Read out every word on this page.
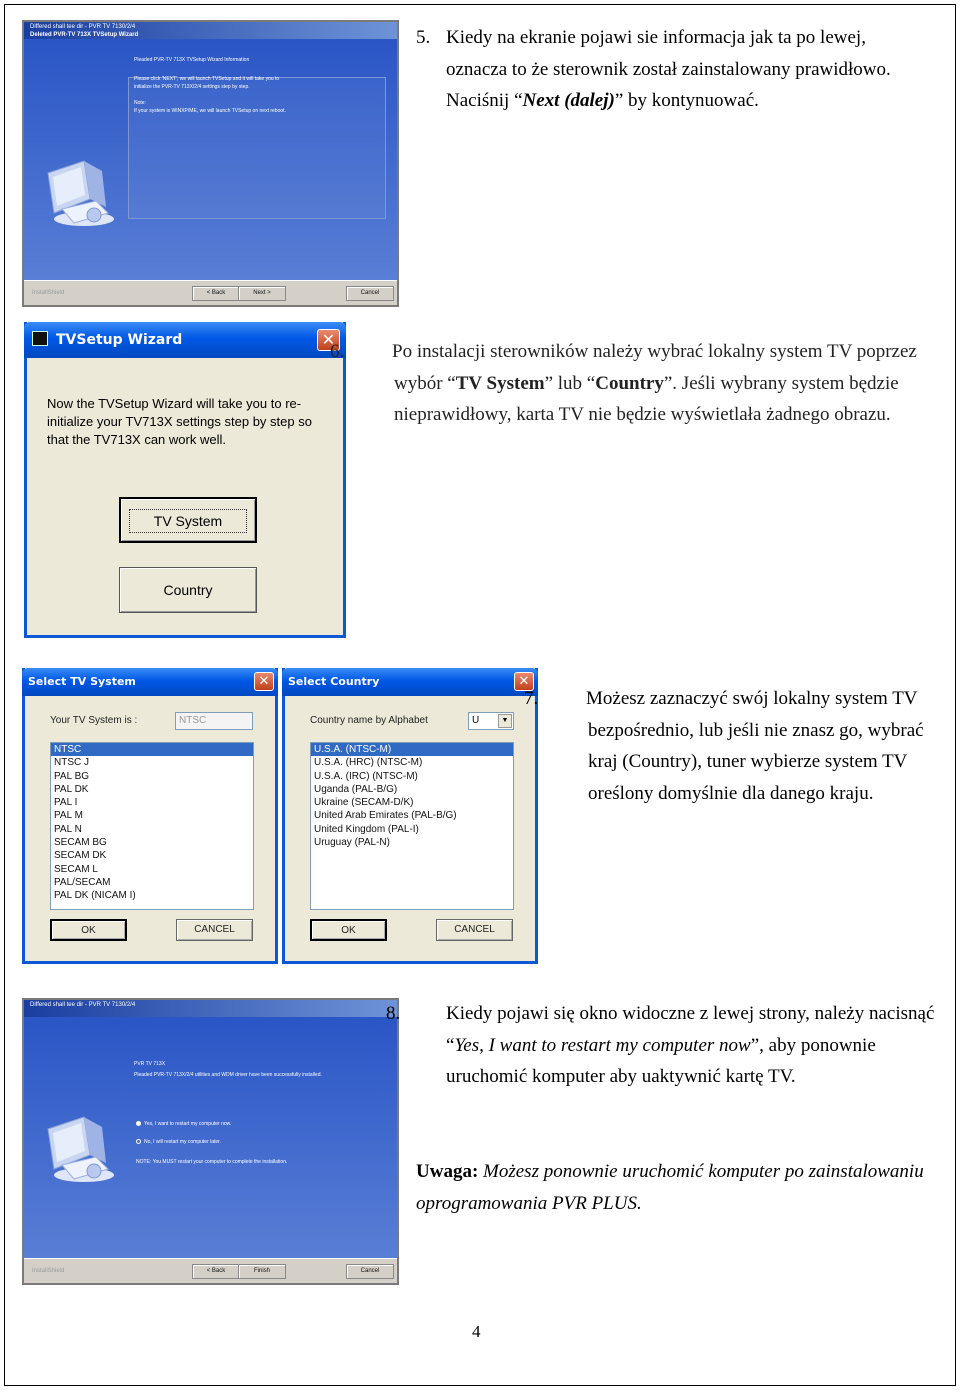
Differed shall tee dir - PVR TV 7130/2/4
Deleted PVR-TV 713X TVSetup Wizard

Pleaded PVR-TV 713X TVSetup Wizard Information

Please click 'NEXT', we will launch TVSetup and it will take you to

initialize the PVR-TV 713X/2/4 settings step by step.

Note:

If your system is WINXP/ME, we will launch TVSetup on next reboot.

InstallShield	< Back	Next >	Cancel
5. Kiedy na ekranie pojawi sie informacja jak ta po lewej,
oznacza to że sterownik został zainstalowany prawidłowo.
Naciśnij “Next (dalej)” by kontynuować.
TVSetup Wizard	✕
Now the TVSetup Wizard will take you to re-initialize your TV713X settings step by step so that the TV713X can work well.
TV System
Country
6.	Po instalacji sterowników należy wybrać lokalny system TV poprzez wybór “TV System” lub “Country”. Jeśli wybrany system będzie nieprawidłowy, karta TV nie będzie wyświetlała żadnego obrazu.
Select TV System	✕
Your TV System is :	NTSC
NTSC
NTSC J
PAL BG
PAL DK
PAL I
PAL M
PAL N
SECAM BG
SECAM DK
SECAM L
PAL/SECAM
PAL DK (NICAM I)
OK	CANCEL
Select Country	✕
Country name by Alphabet	U	▼
U.S.A. (NTSC-M)
U.S.A. (HRC) (NTSC-M)
U.S.A. (IRC) (NTSC-M)
Uganda (PAL-B/G)
Ukraine (SECAM-D/K)
United Arab Emirates (PAL-B/G)
United Kingdom (PAL-I)
Uruguay (PAL-N)
OK	CANCEL
7.	Możesz zaznaczyć swój lokalny system TV bezpośrednio, lub jeśli nie znasz go, wybrać kraj (Country), tuner wybierze system TV oreślony domyślnie dla danego kraju.
Differed shall tee dir - PVR TV 7130/2/4

PVR TV 713X

Pleaded PVR-TV 713X/2/4 utilities and WDM driver have been successfully installed.

Yes, I want to restart my computer now.
No, I will restart my computer later.
NOTE: You MUST restart your computer to complete the installation.
InstallShield	< Back	Finish	Cancel
8. Kiedy pojawi się okno widoczne z lewej strony, należy nacisnąć “Yes, I want to restart my computer now”, aby ponownie uruchomić komputer aby uaktywnić kartę TV.
Uwaga: Możesz ponownie uruchomić komputer po zainstalowaniu oprogramowania PVR PLUS.
4
